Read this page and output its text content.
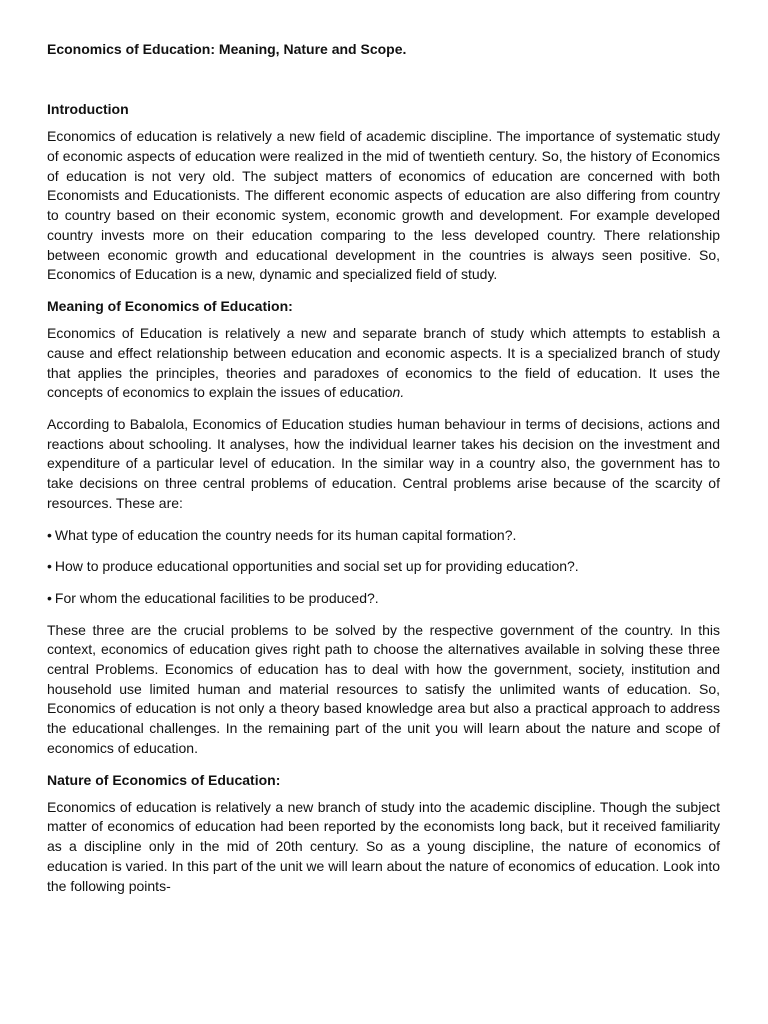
Economics of Education: Meaning, Nature and Scope.
Introduction

Economics of education is relatively a new field of academic discipline. The importance of systematic study of economic aspects of education were realized in the mid of twentieth century. So, the history of Economics of education is not very old. The subject matters of economics of education are concerned with both Economists and Educationists. The different economic aspects of education are also differing from country to country based on their economic system, economic growth and development. For example developed country invests more on their education comparing to the less developed country. There relationship between economic growth and educational development in the countries is always seen positive. So, Economics of Education is a new, dynamic and specialized field of study.

Meaning of Economics of Education:

Economics of Education is relatively a new and separate branch of study which attempts to establish a cause and effect relationship between education and economic aspects. It is a specialized branch of study that applies the principles, theories and paradoxes of economics to the field of education. It uses the concepts of economics to explain the issues of education.

According to Babalola, Economics of Education studies human behaviour in terms of decisions, actions and reactions about schooling. It analyses, how the individual learner takes his decision on the investment and expenditure of a particular level of education. In the similar way in a country also, the government has to take decisions on three central problems of education. Central problems arise because of the scarcity of resources. These are:

• What type of education the country needs for its human capital formation?.

• How to produce educational opportunities and social set up for providing education?.

• For whom the educational facilities to be produced?.

These three are the crucial problems to be solved by the respective government of the country. In this context, economics of education gives right path to choose the alternatives available in solving these three central Problems. Economics of education has to deal with how the government, society, institution and household use limited human and material resources to satisfy the unlimited wants of education. So, Economics of education is not only a theory based knowledge area but also a practical approach to address the educational challenges. In the remaining part of the unit you will learn about the nature and scope of economics of education.

Nature of Economics of Education:

Economics of education is relatively a new branch of study into the academic discipline. Though the subject matter of economics of education had been reported by the economists long back, but it received familiarity as a discipline only in the mid of 20th century. So as a young discipline, the nature of economics of education is varied. In this part of the unit we will learn about the nature of economics of education. Look into the following points-
